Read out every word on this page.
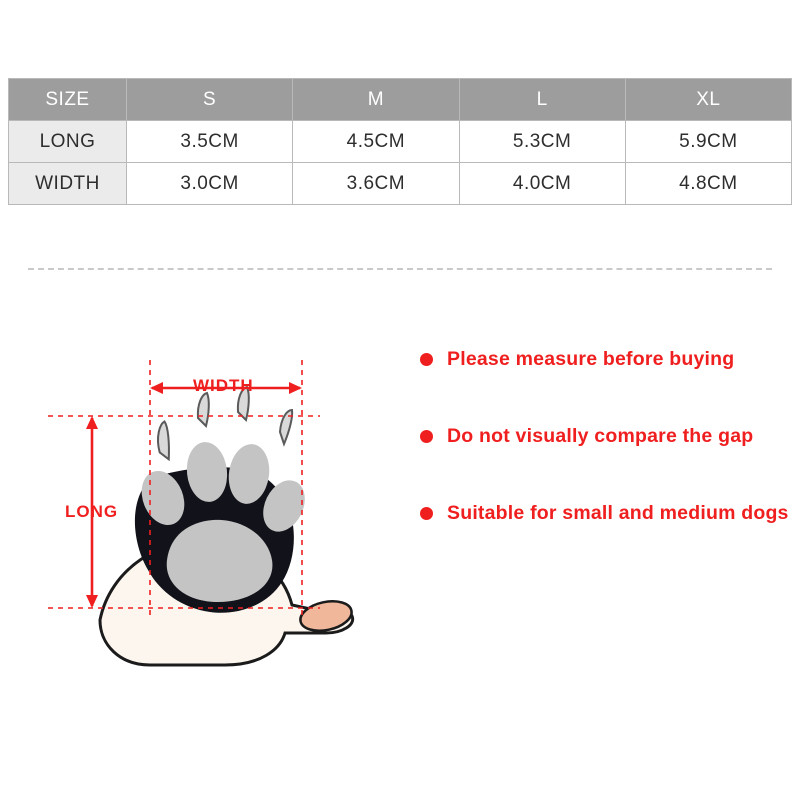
SIZE	S	M	L	XL
LONG	3.5CM	4.5CM	5.3CM	5.9CM
WIDTH	3.0CM	3.6CM	4.0CM	4.8CM
WIDTH
LONG
Please measure before buying
Do not visually compare the gap
Suitable for small and medium dogs
